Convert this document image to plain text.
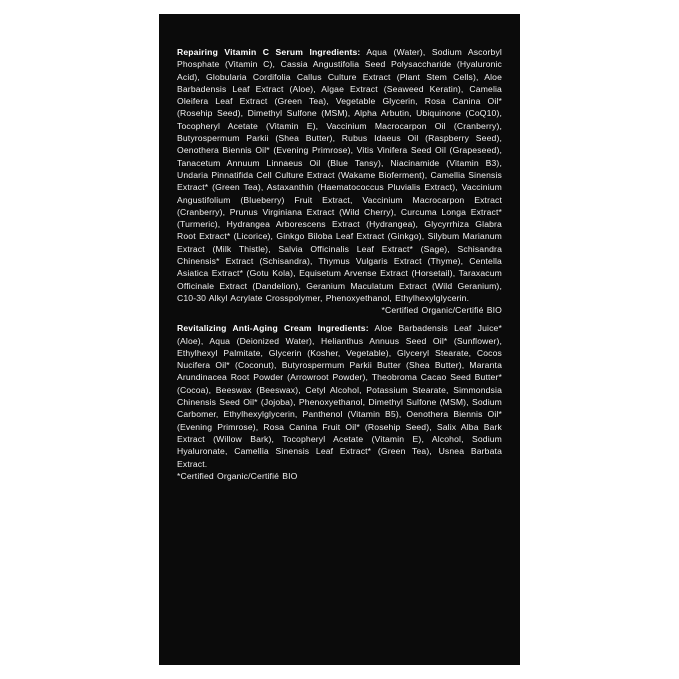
Repairing Vitamin C Serum Ingredients: Aqua (Water), Sodium Ascorbyl Phosphate (Vitamin C), Cassia Angustifolia Seed Polysaccharide (Hyaluronic Acid), Globularia Cordifolia Callus Culture Extract (Plant Stem Cells), Aloe Barbadensis Leaf Extract (Aloe), Algae Extract (Seaweed Keratin), Camelia Oleifera Leaf Extract (Green Tea), Vegetable Glycerin, Rosa Canina Oil* (Rosehip Seed), Dimethyl Sulfone (MSM), Alpha Arbutin, Ubiquinone (CoQ10), Tocopheryl Acetate (Vitamin E), Vaccinium Macrocarpon Oil (Cranberry), Butyrospermum Parkii (Shea Butter), Rubus Idaeus Oil (Raspberry Seed), Oenothera Biennis Oil* (Evening Primrose), Vitis Vinifera Seed Oil (Grapeseed), Tanacetum Annuum Linnaeus Oil (Blue Tansy), Niacinamide (Vitamin B3), Undaria Pinnatifida Cell Culture Extract (Wakame Bioferment), Camellia Sinensis Extract* (Green Tea), Astaxanthin (Haematococcus Pluvialis Extract), Vaccinium Angustifolium (Blueberry) Fruit Extract, Vaccinium Macrocarpon Extract (Cranberry), Prunus Virginiana Extract (Wild Cherry), Curcuma Longa Extract* (Turmeric), Hydrangea Arborescens Extract (Hydrangea), Glycyrrhiza Glabra Root Extract* (Licorice), Ginkgo Biloba Leaf Extract (Ginkgo), Silybum Marianum Extract (Milk Thistle), Salvia Officinalis Leaf Extract* (Sage), Schisandra Chinensis* Extract (Schisandra), Thymus Vulgaris Extract (Thyme), Centella Asiatica Extract* (Gotu Kola), Equisetum Arvense Extract (Horsetail), Taraxacum Officinale Extract (Dandelion), Geranium Maculatum Extract (Wild Geranium), C10-30 Alkyl Acrylate Crosspolymer, Phenoxyethanol, Ethylhexylglycerin.
*Certified Organic/Certifié BIO
Revitalizing Anti-Aging Cream Ingredients: Aloe Barbadensis Leaf Juice* (Aloe), Aqua (Deionized Water), Helianthus Annuus Seed Oil* (Sunflower), Ethylhexyl Palmitate, Glycerin (Kosher, Vegetable), Glyceryl Stearate, Cocos Nucifera Oil* (Coconut), Butyrospermum Parkii Butter (Shea Butter), Maranta Arundinacea Root Powder (Arrowroot Powder), Theobroma Cacao Seed Butter* (Cocoa), Beeswax (Beeswax), Cetyl Alcohol, Potassium Stearate, Simmondsia Chinensis Seed Oil* (Jojoba), Phenoxyethanol, Dimethyl Sulfone (MSM), Sodium Carbomer, Ethylhexylglycerin, Panthenol (Vitamin B5), Oenothera Biennis Oil* (Evening Primrose), Rosa Canina Fruit Oil* (Rosehip Seed), Salix Alba Bark Extract (Willow Bark), Tocopheryl Acetate (Vitamin E), Alcohol, Sodium Hyaluronate, Camellia Sinensis Leaf Extract* (Green Tea), Usnea Barbata Extract.
*Certified Organic/Certifié BIO
